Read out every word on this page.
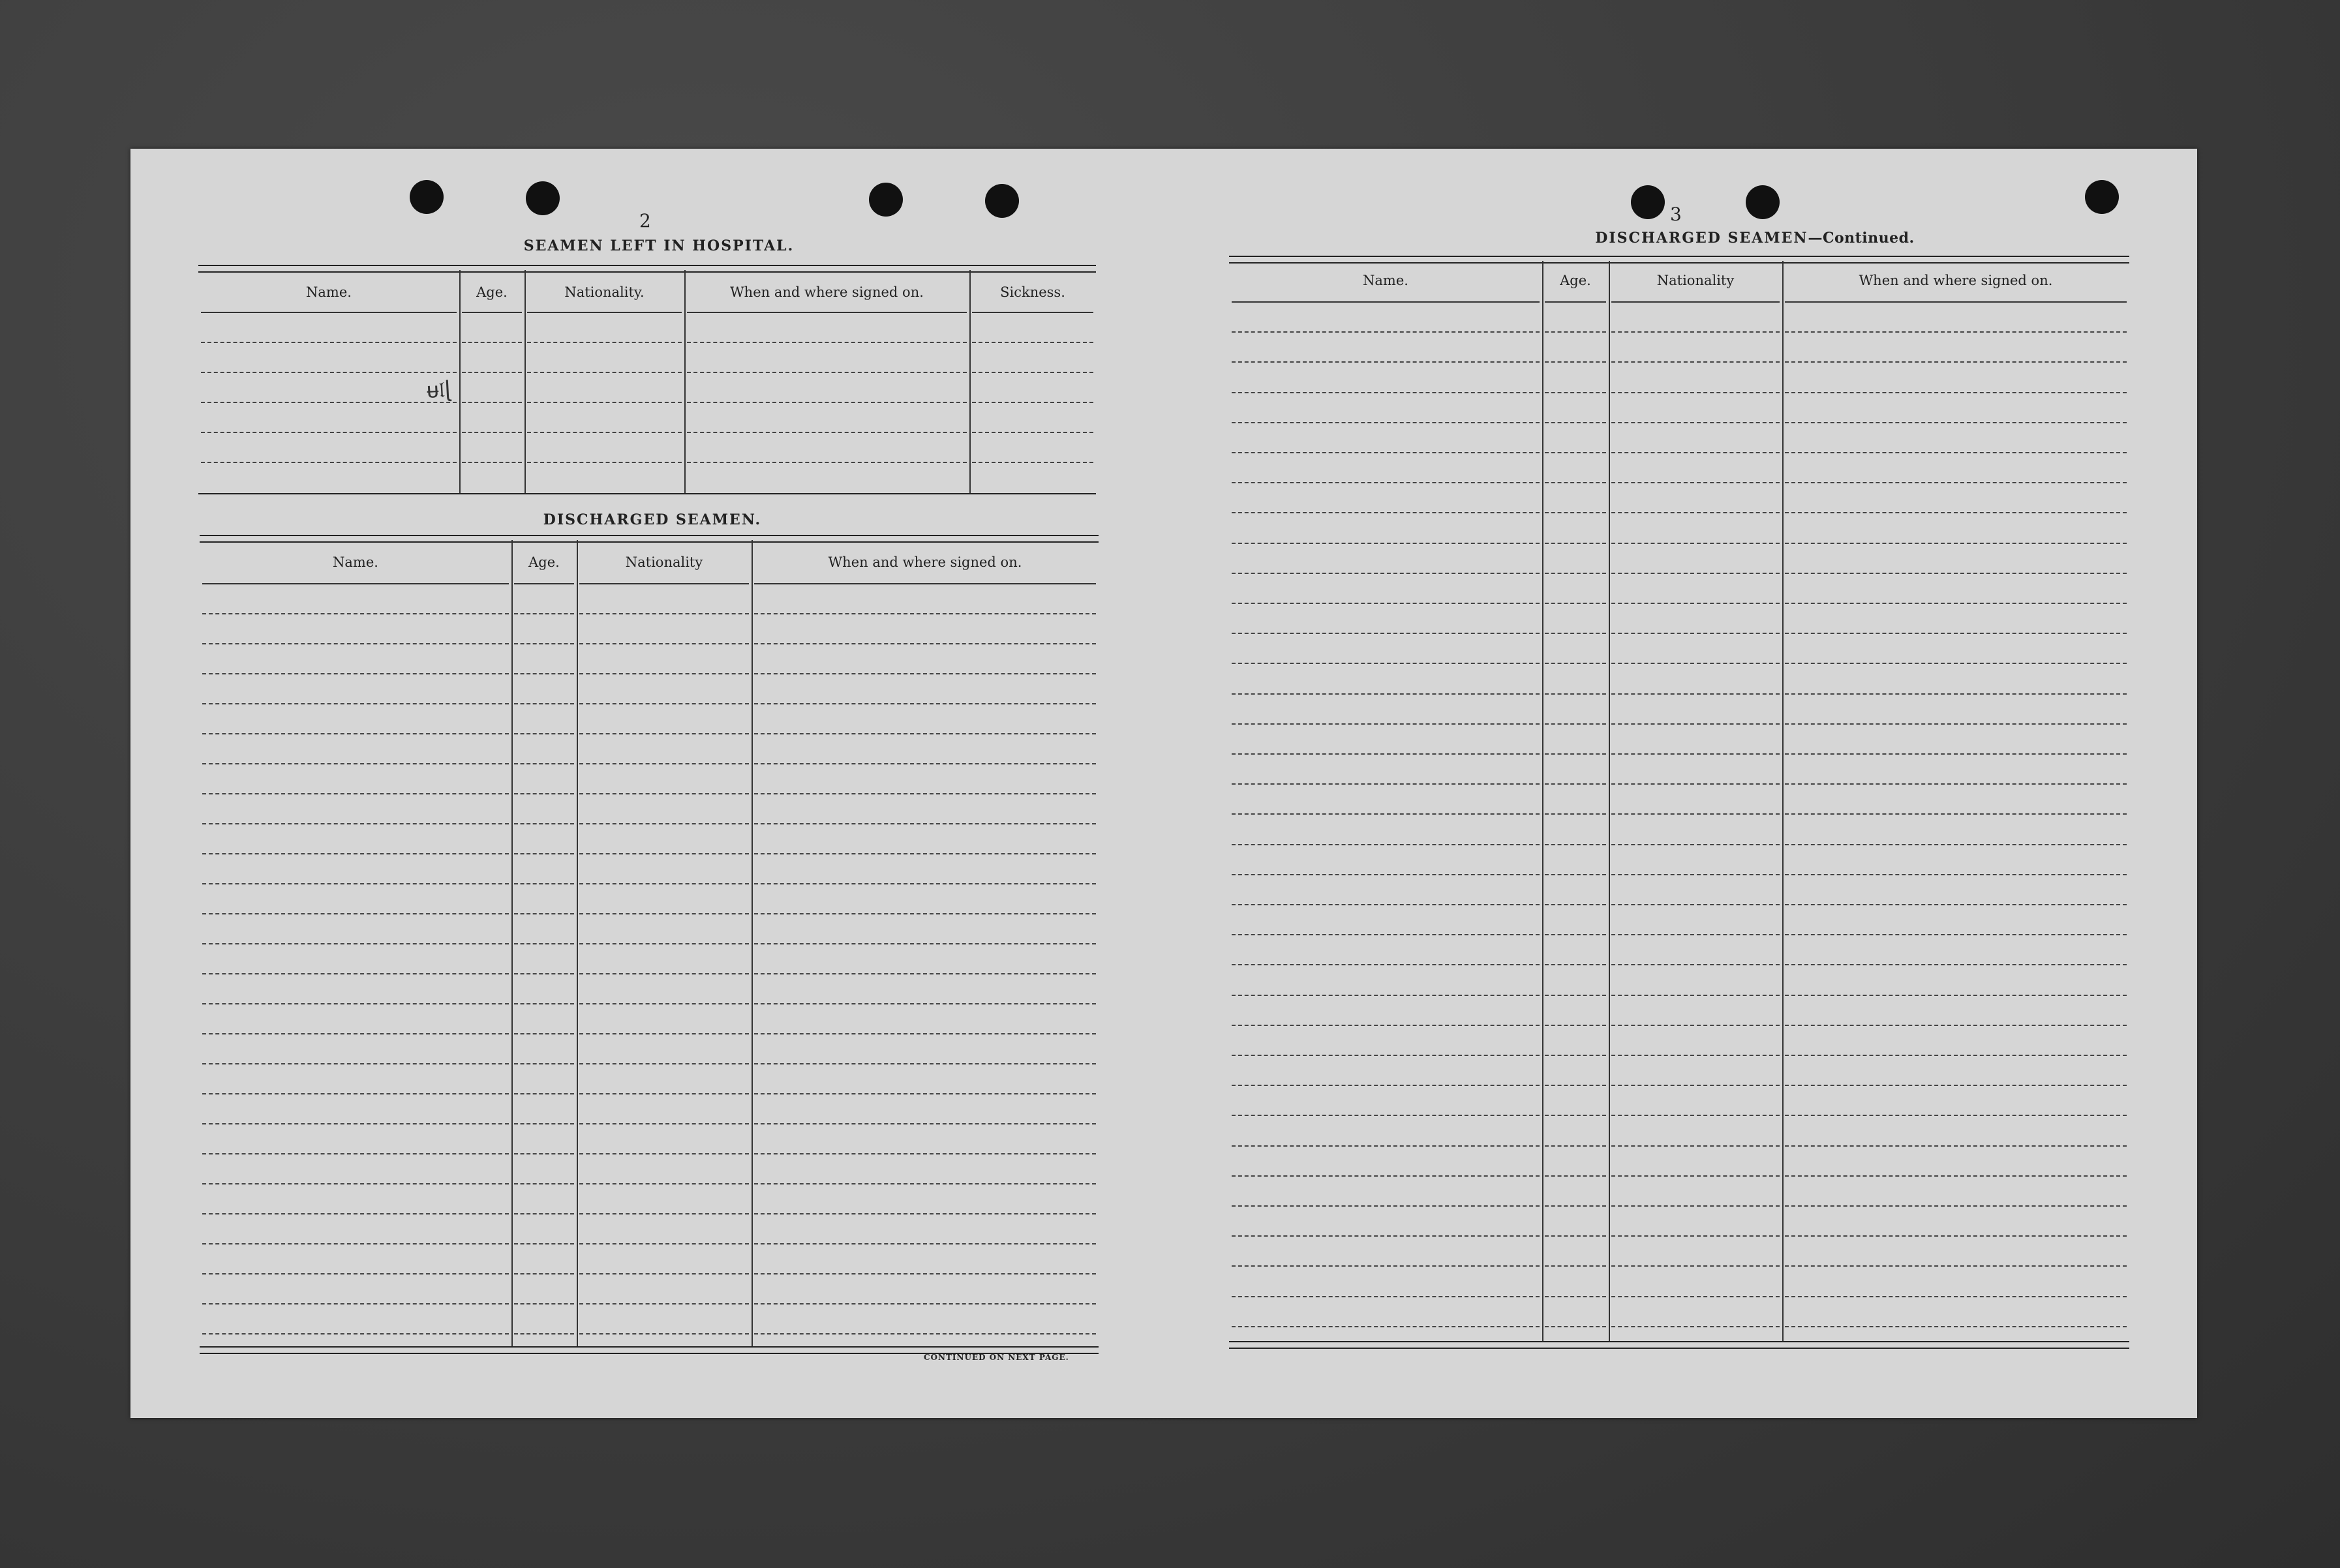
2
SEAMEN LEFT IN HOSPITAL.
Name.	Age.	Nationality.	When and where signed on.	Sickness.
ᵾ𝔩ɭ
DISCHARGED SEAMEN.
Name.	Age.	Nationality	When and where signed on.
CONTINUED ON NEXT PAGE.
3
DISCHARGED SEAMEN—Continued.
Name.	Age.	Nationality	When and where signed on.
